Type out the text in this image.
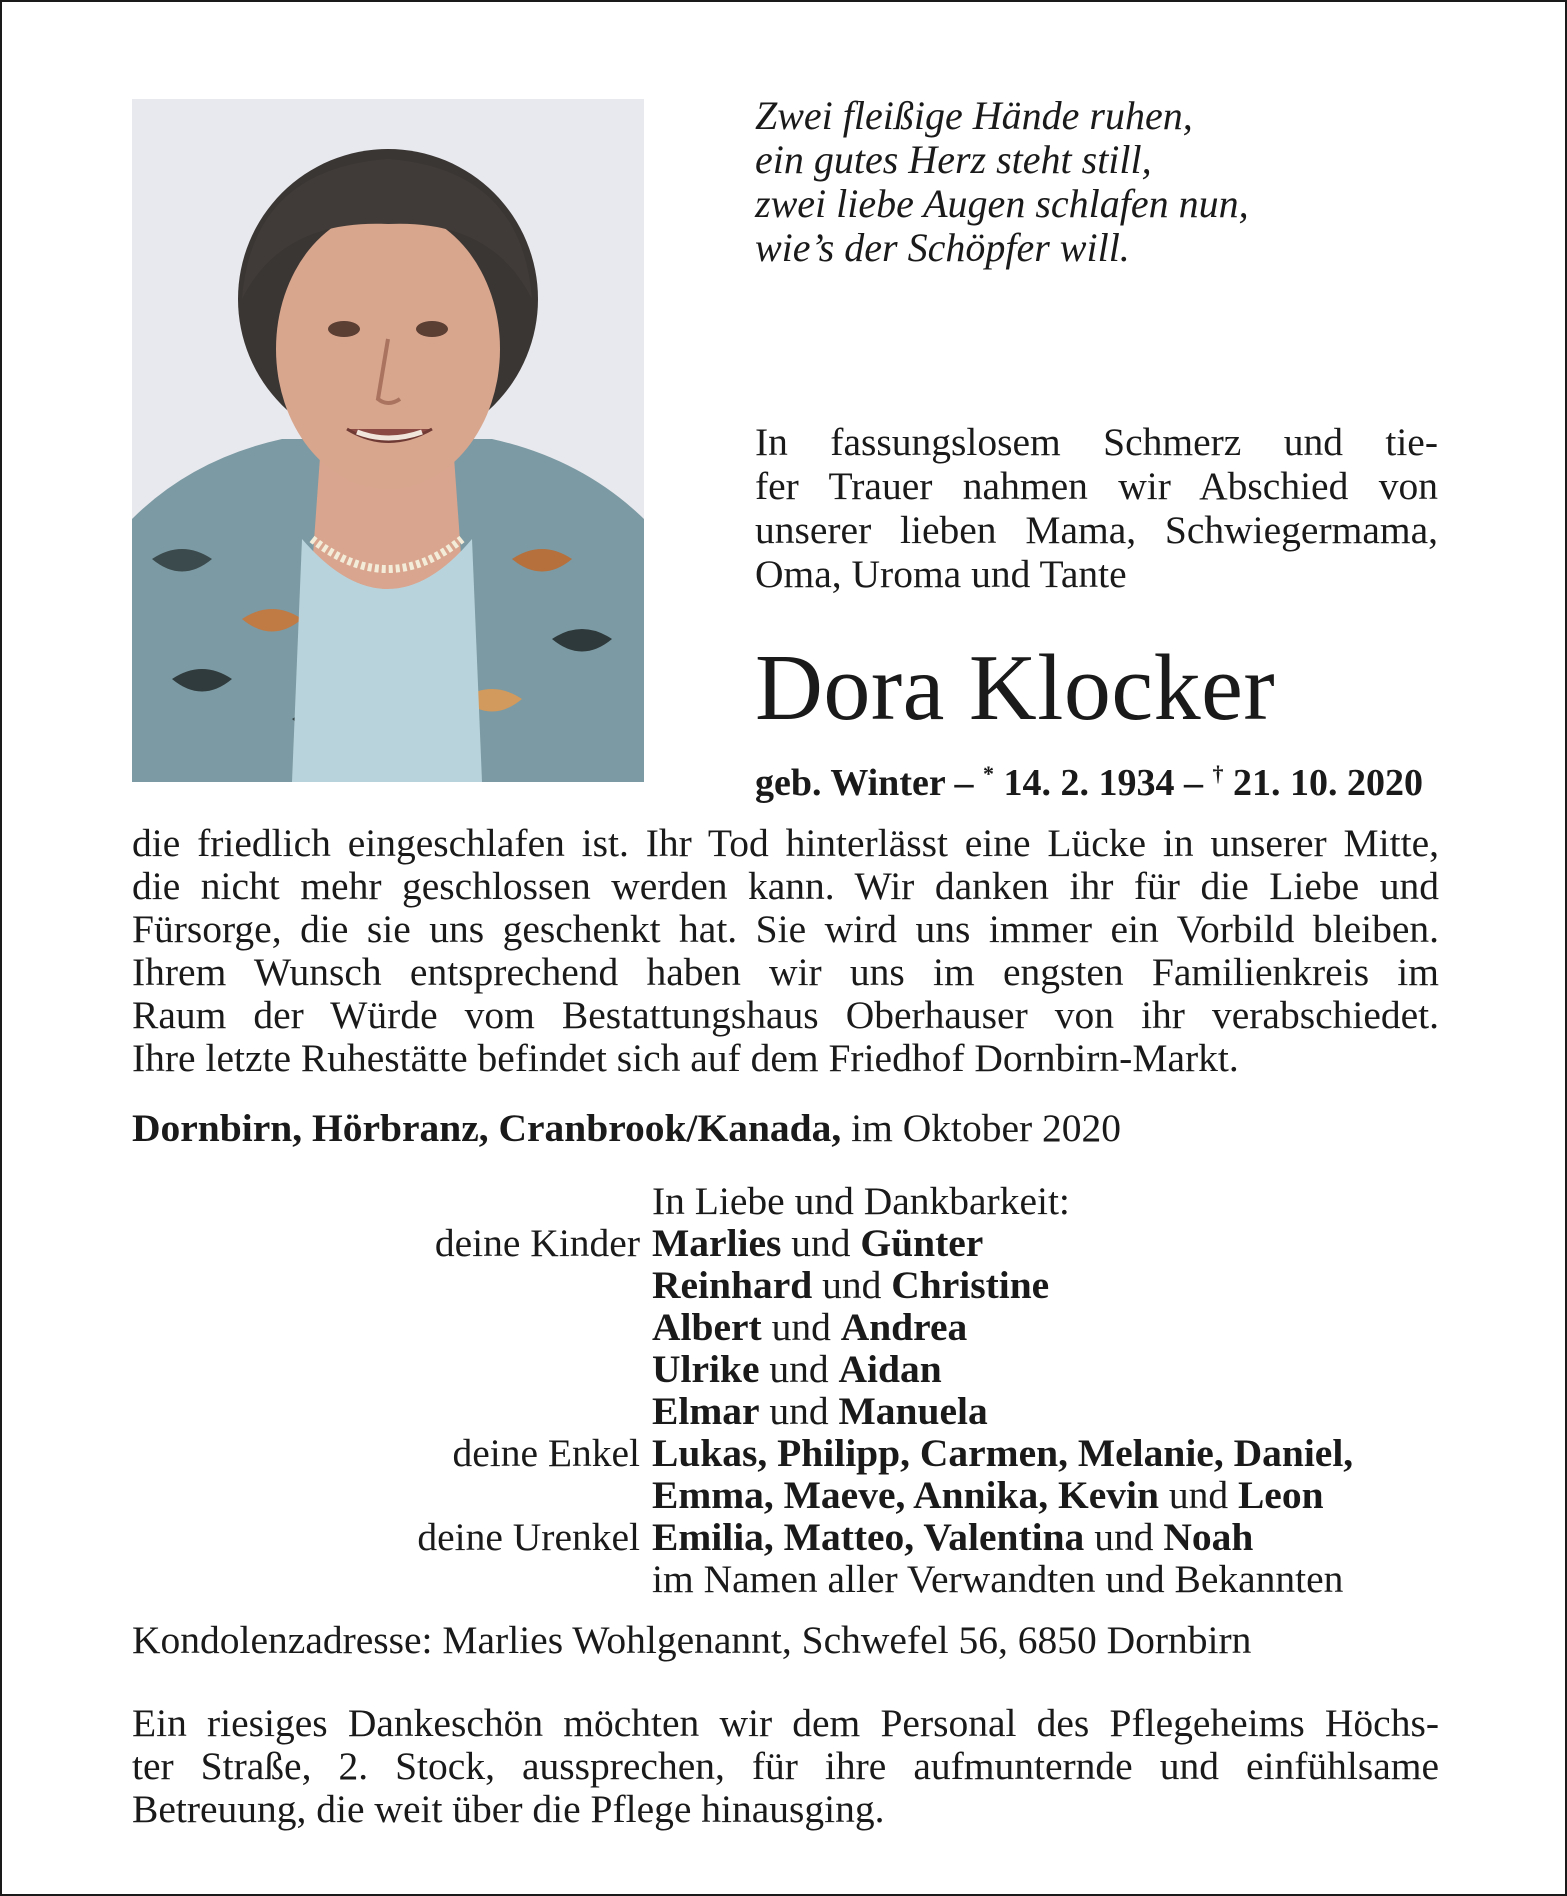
Zwei fleißige Hände ruhen,
ein gutes Herz steht still,
zwei liebe Augen schlafen nun,
wie’s der Schöpfer will.
In fassungslosem Schmerz und tie-
fer Trauer nahmen wir Abschied von
unserer lieben Mama, Schwiegermama,
Oma, Uroma und Tante
Dora Klocker
geb. Winter – * 14. 2. 1934 – † 21. 10. 2020
die friedlich eingeschlafen ist. Ihr Tod hinterlässt eine Lücke in unserer Mitte,
die nicht mehr geschlossen werden kann. Wir danken ihr für die Liebe und
Fürsorge, die sie uns geschenkt hat. Sie wird uns immer ein Vorbild bleiben.
Ihrem Wunsch entsprechend haben wir uns im engsten Familienkreis im
Raum der Würde vom Bestattungshaus Oberhauser von ihr verabschiedet.
Ihre letzte Ruhestätte befindet sich auf dem Friedhof Dornbirn-Markt.
Dornbirn, Hörbranz, Cranbrook/Kanada, im Oktober 2020
In Liebe und Dankbarkeit:
deine Kinder Marlies und Günter
Reinhard und Christine
Albert und Andrea
Ulrike und Aidan
Elmar und Manuela
deine Enkel Lukas, Philipp, Carmen, Melanie, Daniel,
Emma, Maeve, Annika, Kevin und Leon
deine Urenkel Emilia, Matteo, Valentina und Noah
im Namen aller Verwandten und Bekannten
Kondolenzadresse: Marlies Wohlgenannt, Schwefel 56, 6850 Dornbirn
Ein riesiges Dankeschön möchten wir dem Personal des Pflegeheims Höchs-
ter Straße, 2. Stock, aussprechen, für ihre aufmunternde und einfühlsame
Betreuung, die weit über die Pflege hinausging.
